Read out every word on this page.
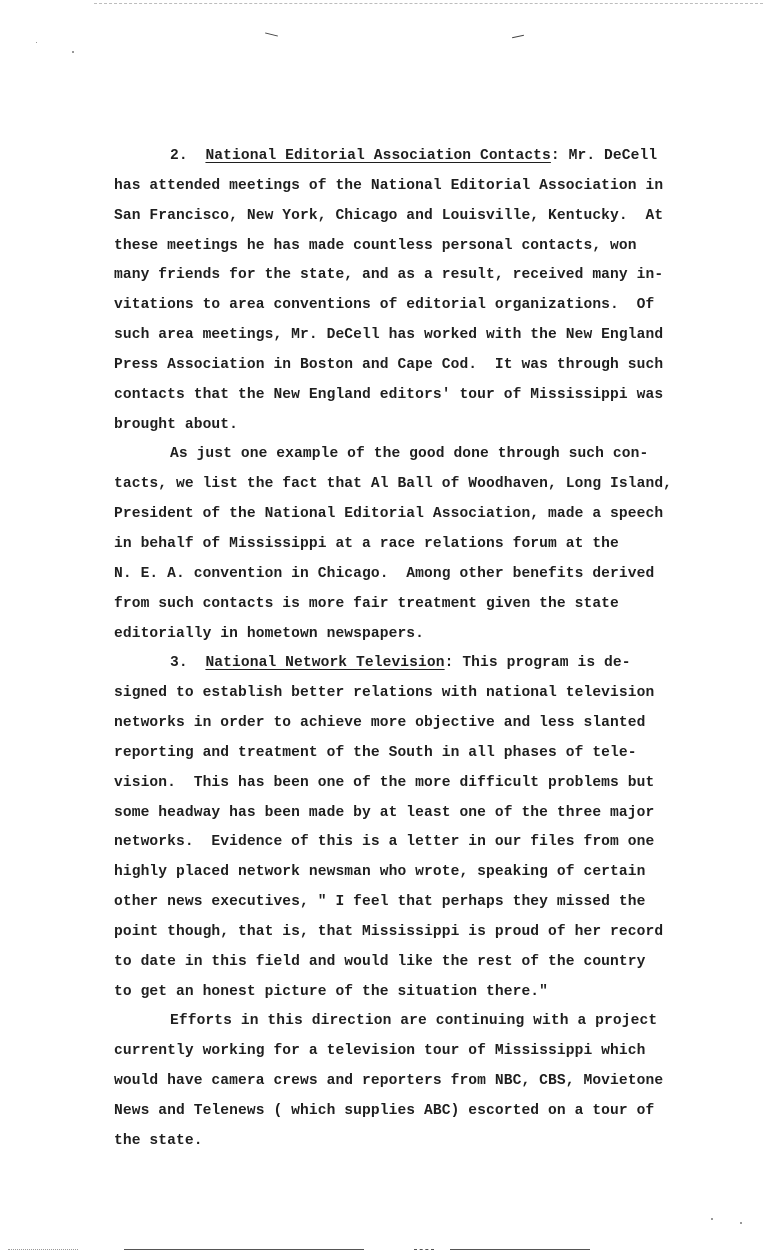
2. National Editorial Association Contacts: Mr. DeCell
has attended meetings of the National Editorial Association in
San Francisco, New York, Chicago and Louisville, Kentucky.  At
these meetings he has made countless personal contacts, won
many friends for the state, and as a result, received many in-
vitations to area conventions of editorial organizations.  Of
such area meetings, Mr. DeCell has worked with the New England
Press Association in Boston and Cape Cod.  It was through such
contacts that the New England editors' tour of Mississippi was
brought about.
As just one example of the good done through such con-
tacts, we list the fact that Al Ball of Woodhaven, Long Island,
President of the National Editorial Association, made a speech
in behalf of Mississippi at a race relations forum at the
N. E. A. convention in Chicago.  Among other benefits derived
from such contacts is more fair treatment given the state
editorially in hometown newspapers.
3. National Network Television: This program is de-
signed to establish better relations with national television
networks in order to achieve more objective and less slanted
reporting and treatment of the South in all phases of tele-
vision.  This has been one of the more difficult problems but
some headway has been made by at least one of the three major
networks.  Evidence of this is a letter in our files from one
highly placed network newsman who wrote, speaking of certain
other news executives, " I feel that perhaps they missed the
point though, that is, that Mississippi is proud of her record
to date in this field and would like the rest of the country
to get an honest picture of the situation there."
Efforts in this direction are continuing with a project
currently working for a television tour of Mississippi which
would have camera crews and reporters from NBC, CBS, Movietone
News and Telenews ( which supplies ABC) escorted on a tour of
the state.
